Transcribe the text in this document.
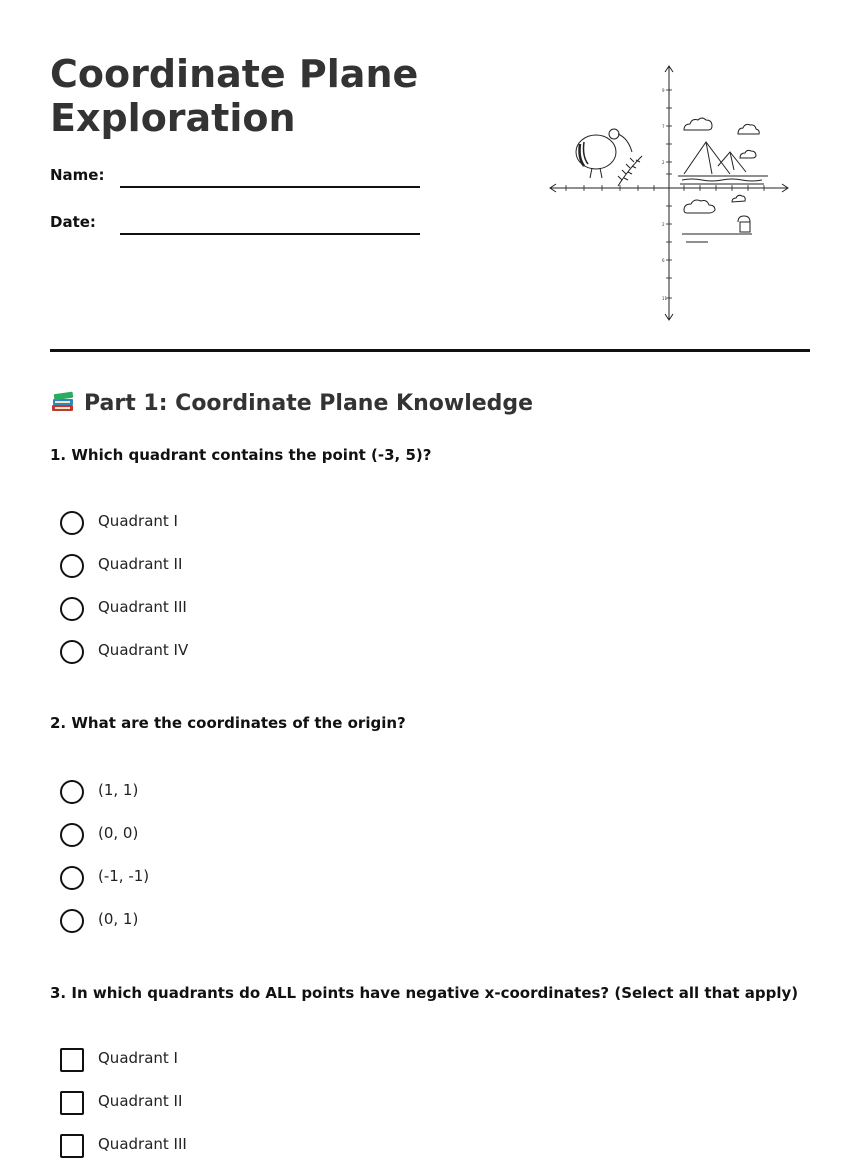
Coordinate Plane
Exploration
Name:
Date:
9
7
2
2
6
11
Part 1: Coordinate Plane Knowledge
1. Which quadrant contains the point (-3, 5)?
Quadrant I
Quadrant II
Quadrant III
Quadrant IV
2. What are the coordinates of the origin?
(1, 1)
(0, 0)
(-1, -1)
(0, 1)
3. In which quadrants do ALL points have negative x-coordinates? (Select all that apply)
Quadrant I
Quadrant II
Quadrant III
